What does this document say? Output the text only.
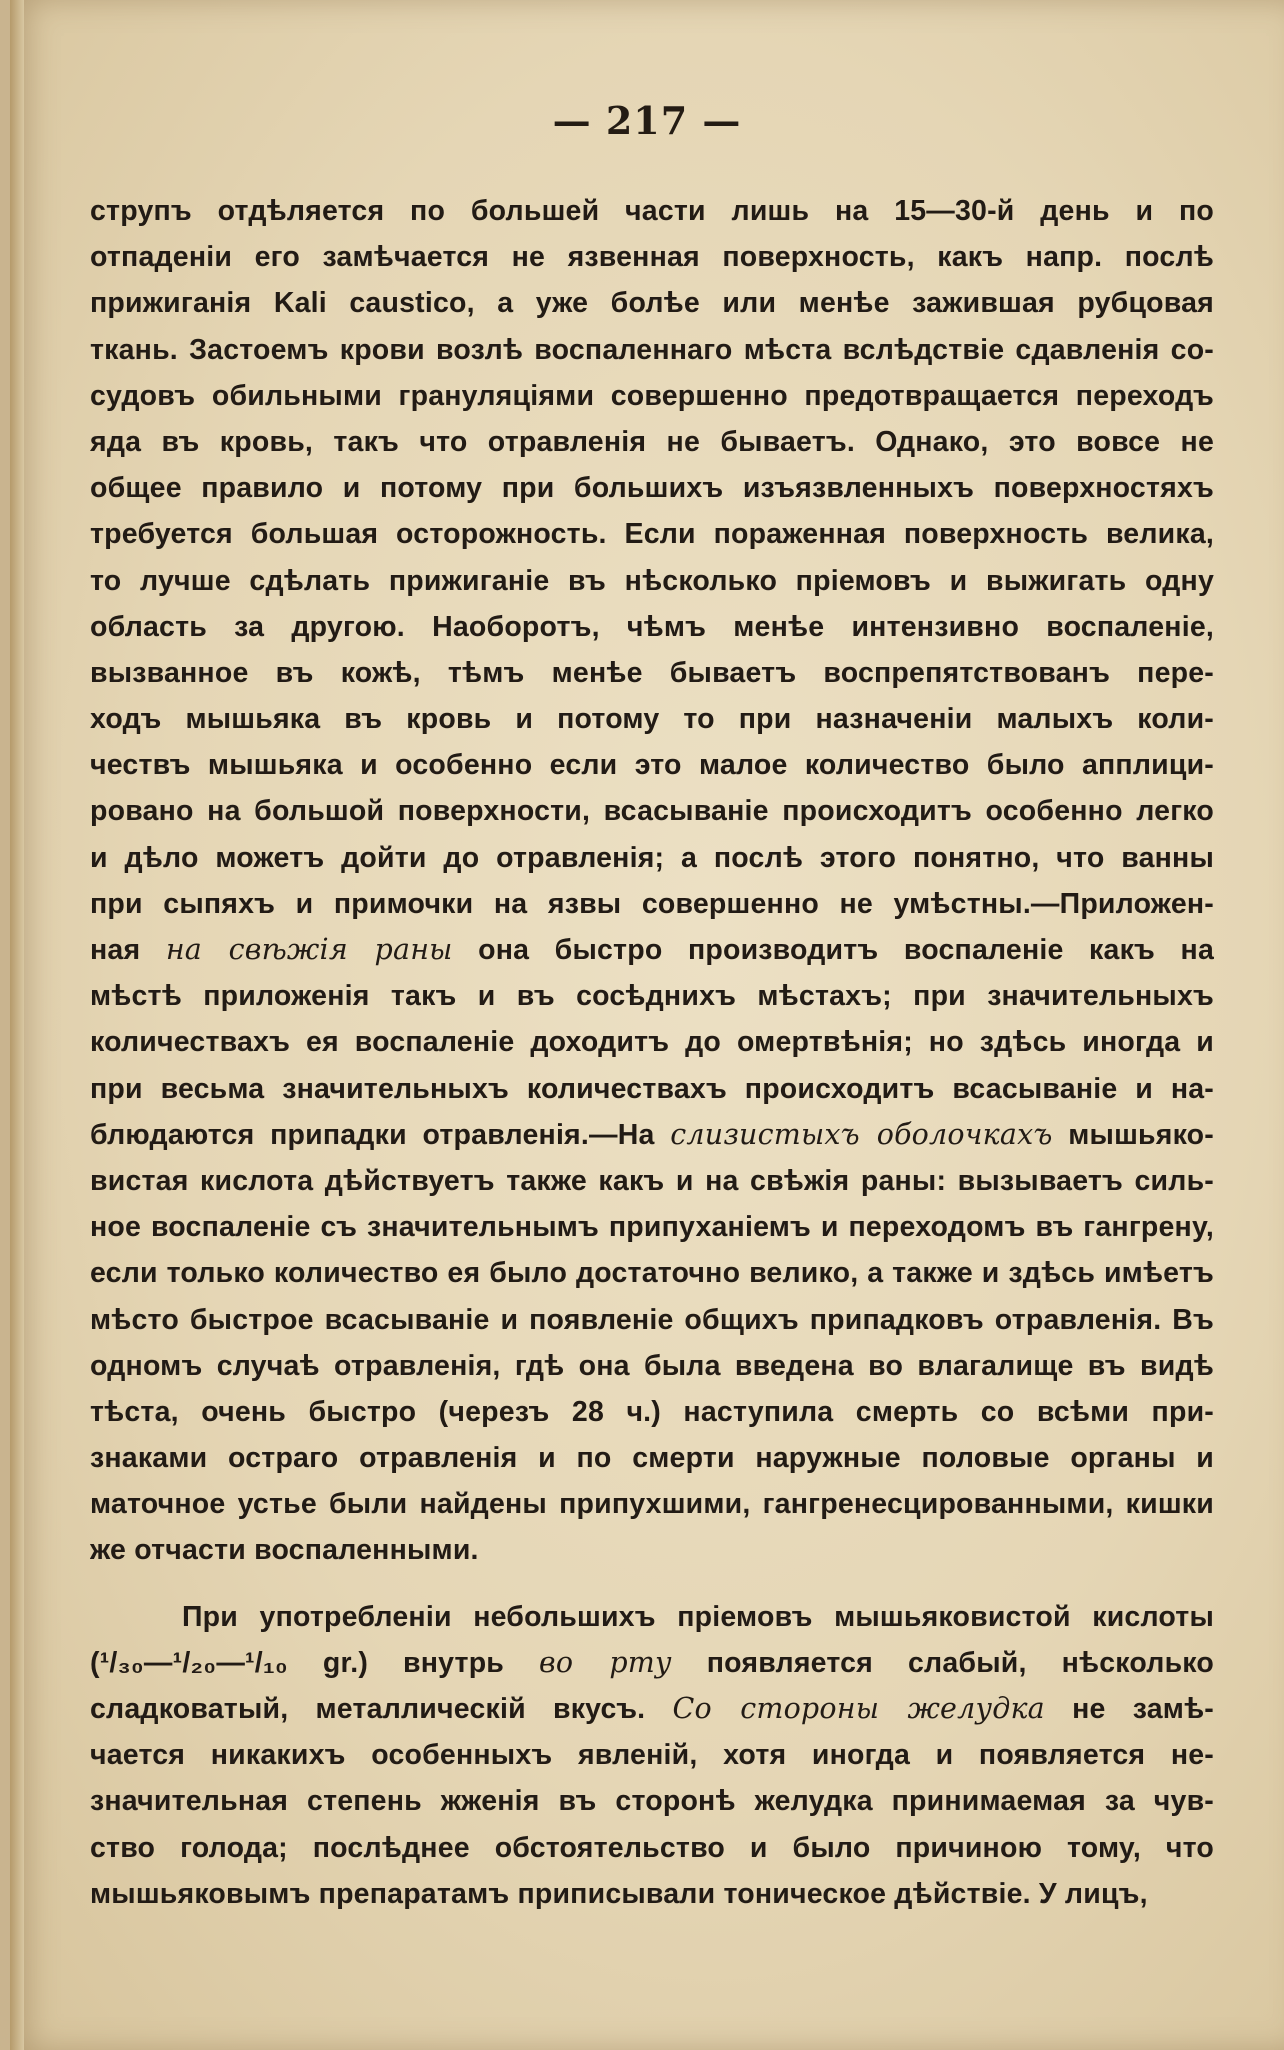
— 217 —
струпъ отдѣляется по большей части лишь на 15—30-й день и по
отпаденіи его замѣчается не язвенная поверхность, какъ напр. послѣ
прижиганія Kali caustico, а уже болѣе или менѣе зажившая рубцовая
ткань. Застоемъ крови возлѣ воспаленнаго мѣста вслѣдствіе сдавленія со-
судовъ обильными грануляціями совершенно предотвращается переходъ
яда въ кровь, такъ что отравленія не бываетъ. Однако, это вовсе не
общее правило и потому при большихъ изъязвленныхъ поверхностяхъ
требуется большая осторожность. Если пораженная поверхность велика,
то лучше сдѣлать прижиганіе въ нѣсколько пріемовъ и выжигать одну
область за другою. Наоборотъ, чѣмъ менѣе интензивно воспаленіе,
вызванное въ кожѣ, тѣмъ менѣе бываетъ воспрепятствованъ пере-
ходъ мышьяка въ кровь и потому то при назначеніи малыхъ коли-
чествъ мышьяка и особенно если это малое количество было апплици-
ровано на большой поверхности, всасываніе происходитъ особенно легко
и дѣло можетъ дойти до отравленія; а послѣ этого понятно, что ванны
при сыпяхъ и примочки на язвы совершенно не умѣстны.—Приложен-
ная на свѣжія раны она быстро производитъ воспаленіе какъ на
мѣстѣ приложенія такъ и въ сосѣднихъ мѣстахъ; при значительныхъ
количествахъ ея воспаленіе доходитъ до омертвѣнія; но здѣсь иногда и
при весьма значительныхъ количествахъ происходитъ всасываніе и на-
блюдаются припадки отравленія.—На слизистыхъ оболочкахъ мышьяко-
вистая кислота дѣйствуетъ также какъ и на свѣжія раны: вызываетъ силь-
ное воспаленіе съ значительнымъ припуханіемъ и переходомъ въ гангрену,
если только количество ея было достаточно велико, а также и здѣсь имѣетъ
мѣсто быстрое всасываніе и появленіе общихъ припадковъ отравленія. Въ
одномъ случаѣ отравленія, гдѣ она была введена во влагалище въ видѣ
тѣста, очень быстро (черезъ 28 ч.) наступила смерть со всѣми при-
знаками остраго отравленія и по смерти наружные половые органы и
маточное устье были найдены припухшими, гангренесцированными, кишки
же отчасти воспаленными.
При употребленіи небольшихъ пріемовъ мышьяковистой кислоты
(¹/₃₀—¹/₂₀—¹/₁₀ gr.) внутрь во рту появляется слабый, нѣсколько
сладковатый, металлическій вкусъ. Со стороны желудка не замѣ-
чается никакихъ особенныхъ явленій, хотя иногда и появляется не-
значительная степень жженія въ сторонѣ желудка принимаемая за чув-
ство голода; послѣднее обстоятельство и было причиною тому, что
мышьяковымъ препаратамъ приписывали тоническое дѣйствіе. У лицъ,
